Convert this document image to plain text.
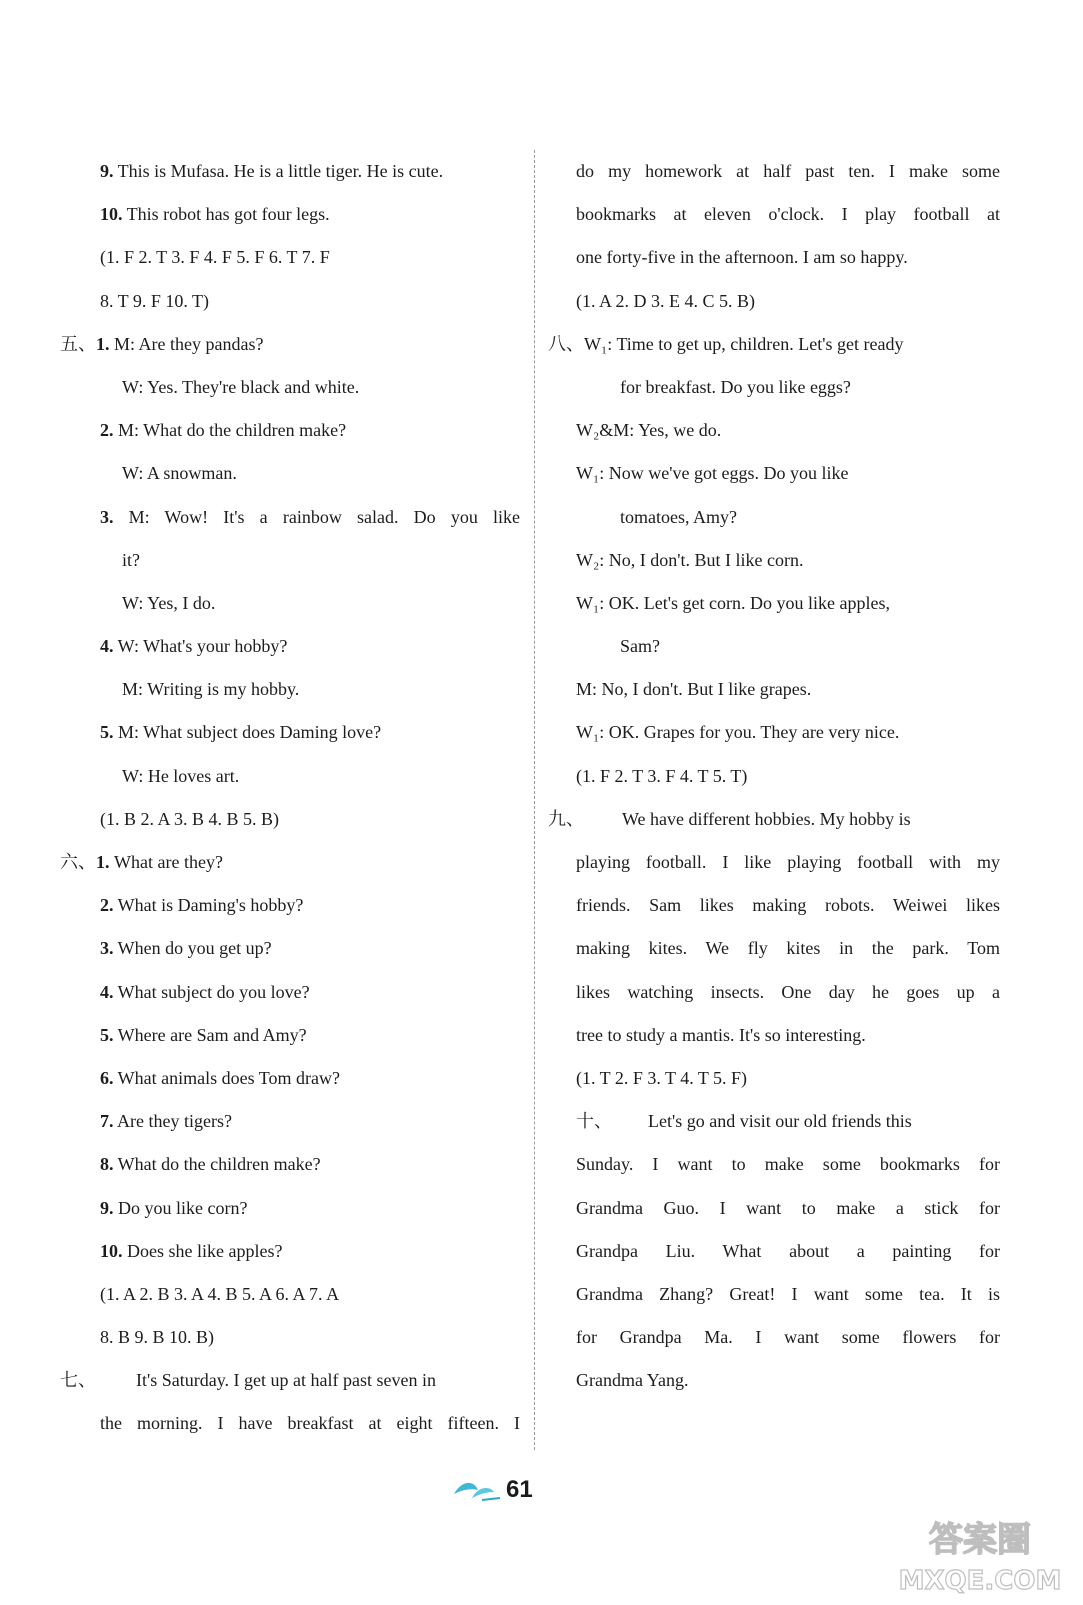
9. This is Mufasa. He is a little tiger. He is cute.
10. This robot has got four legs.
(1. F 2. T 3. F 4. F 5. F 6. T 7. F
8. T 9. F 10. T)
五、1. M: Are they pandas?
W: Yes. They're black and white.
2. M: What do the children make?
W: A snowman.
3. M: Wow! It's a rainbow salad. Do you like
it?
W: Yes, I do.
4. W: What's your hobby?
M: Writing is my hobby.
5. M: What subject does Daming love?
W: He loves art.
(1. B 2. A 3. B 4. B 5. B)
六、1. What are they?
2. What is Daming's hobby?
3. When do you get up?
4. What subject do you love?
5. Where are Sam and Amy?
6. What animals does Tom draw?
7. Are they tigers?
8. What do the children make?
9. Do you like corn?
10. Does she like apples?
(1. A 2. B 3. A 4. B 5. A 6. A 7. A
8. B 9. B 10. B)
七、 It's Saturday. I get up at half past seven in
the morning. I have breakfast at eight fifteen. I
do my homework at half past ten. I make some
bookmarks at eleven o'clock. I play football at
one forty-five in the afternoon. I am so happy.
(1. A 2. D 3. E 4. C 5. B)
八、W₁: Time to get up, children. Let's get ready
for breakfast. Do you like eggs?
W₂&M: Yes, we do.
W₁: Now we've got eggs. Do you like
tomatoes, Amy?
W₂: No, I don't. But I like corn.
W₁: OK. Let's get corn. Do you like apples,
Sam?
M: No, I don't. But I like grapes.
W₁: OK. Grapes for you. They are very nice.
(1. F 2. T 3. F 4. T 5. T)
九、 We have different hobbies. My hobby is
playing football. I like playing football with my
friends. Sam likes making robots. Weiwei likes
making kites. We fly kites in the park. Tom
likes watching insects. One day he goes up a
tree to study a mantis. It's so interesting.
(1. T 2. F 3. T 4. T 5. F)
十、 Let's go and visit our old friends this
Sunday. I want to make some bookmarks for
Grandma Guo. I want to make a stick for
Grandpa Liu. What about a painting for
Grandma Zhang? Great! I want some tea. It is
for Grandpa Ma. I want some flowers for
Grandma Yang.
61
答案圈
MXQE.COM
